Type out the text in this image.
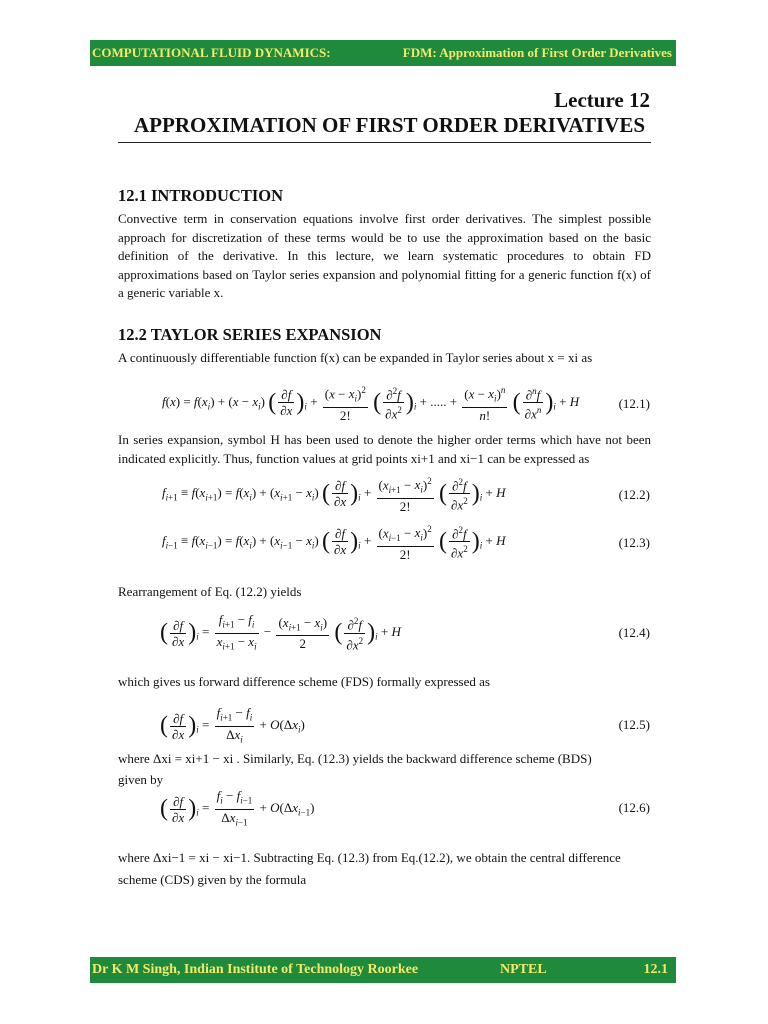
COMPUTATIONAL FLUID DYNAMICS:	FDM: Approximation of First Order Derivatives
Lecture 12
APPROXIMATION OF FIRST ORDER DERIVATIVES
12.1 INTRODUCTION

Convective term in conservation equations involve first order derivatives. The simplest possible approach for discretization of these terms would be to use the approximation based on the basic definition of the derivative. In this lecture, we learn systematic procedures to obtain FD approximations based on Taylor series expansion and polynomial fitting for a generic function f(x) of a generic variable x.

12.2 TAYLOR SERIES EXPANSION
A continuously differentiable function f(x) can be expanded in Taylor series about x = xi as
$f(x) = f(x_i) + (x - x_i)$ ( $\frac{\partial f}{\partial x} )_i + \frac{(x - x_i)^2}{2!}$ ( $\frac{\partial^2f}{\partial x^2} )_i$ + ..... + $\frac{(x - x_i)^n}{n!}$ ( $\frac{\partial^nf}{\partial x^n} )_i + H$	(12.1)

In series expansion, symbol H has been used to denote the higher order terms which have not been indicated explicitly. Thus, function values at grid points xi+1 and xi−1 can be expressed as

$f_{i+1} \equiv f(x_{i+1}) = f(x_i) + (x_{i+1} - x_i)$ ( $\frac{\partial f}{\partial x} )_i + \frac{(x_{i+1} - x_i)^2}{2!}$ ( $\frac{\partial^2f}{\partial x^2} )_i + H$	(12.2)
$f_{i-1} \equiv f(x_{i-1}) = f(x_i) + (x_{i-1} - x_i)$ ( $\frac{\partial f}{\partial x} )_i + \frac{(x_{i-1} - x_i)^2}{2!}$ ( $\frac{\partial^2f}{\partial x^2} )_i + H$	(12.3)
Rearrangement of Eq. (12.2) yields
( $\frac{\partial f}{\partial x} )_i = \frac{f_{i+1} - f_i}{x_{i+1} - x_i} - \frac{(x_{i+1} - x_i)}{2}$ ( $\frac{\partial^2f}{\partial x^2} )_i + H$	(12.4)
which gives us forward difference scheme (FDS) formally expressed as
( $\frac{\partial f}{\partial x} )_i = \frac{f_{i+1} - f_i}{\Delta x_i} + O(\Delta x_i)$	(12.5)
where Δxi = xi+1 − xi . Similarly, Eq. (12.3) yields the backward difference scheme (BDS)
given by
( $\frac{\partial f}{\partial x} )_i = \frac{f_i - f_{i-1}}{\Delta x_{i-1}} + O(\Delta x_{i-1})$	(12.6)
where Δxi−1 = xi − xi−1. Subtracting Eq. (12.3) from Eq.(12.2), we obtain the central difference
scheme (CDS) given by the formula
Dr K M Singh, Indian Institute of Technology Roorkee	NPTEL	12.1
